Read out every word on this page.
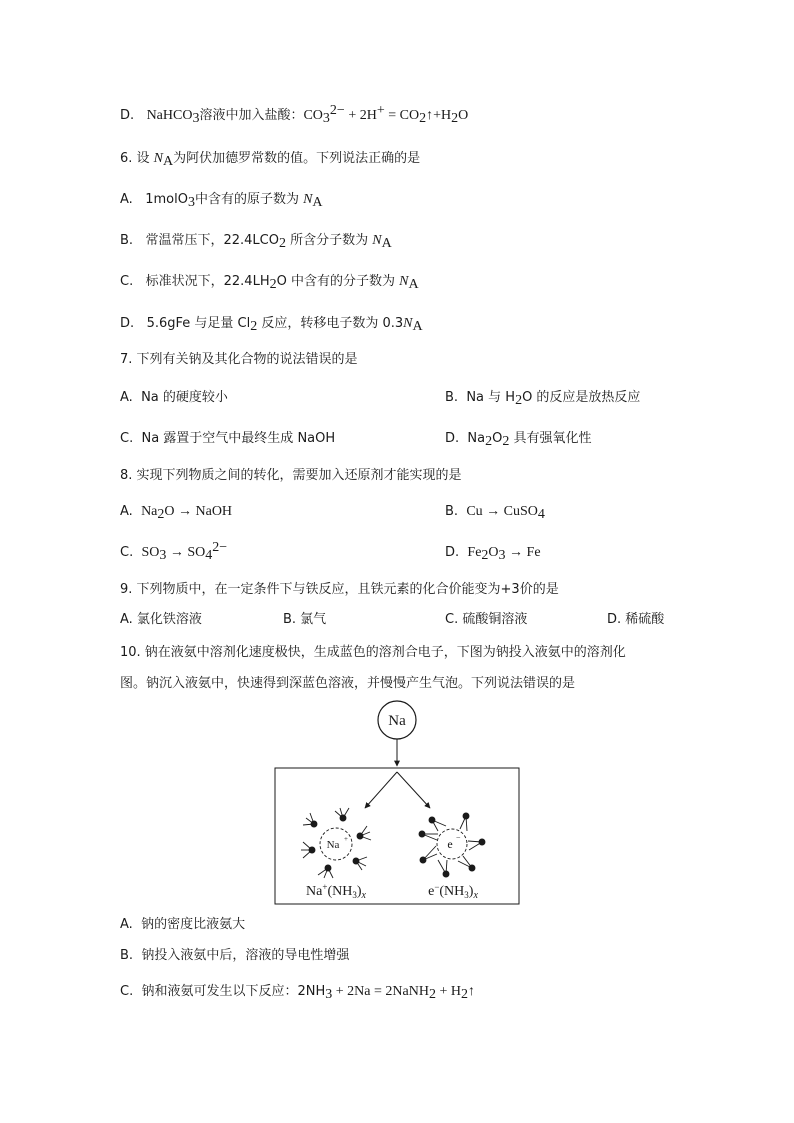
D. NaHCO$_3$溶液中加入盐酸：$CO_3^{2-} + 2H^+$ = $CO_2↑+H_2O$
6. 设 $N_A$为阿伏加德罗常数的值。下列说法正确的是
A. 1molO$_3$中含有的原子数为 $N_A$
B. 常温常压下，$22.4LCO_2$ 所含分子数为 $N_A$
C. 标准状况下，$22.4LH_2O$ 中含有的分子数为 $N_A$
D. 5.6gFe 与足量 $Cl_2$ 反应，转移电子数为 $0.3N_A$
7. 下列有关钠及其化合物的说法错误的是
A. Na 的硬度较小	B. Na 与 $H_2O$ 的反应是放热反应
C. Na 露置于空气中最终生成 NaOH	D. $Na_2O_2$ 具有强氧化性
8. 实现下列物质之间的转化，需要加入还原剂才能实现的是
A. $Na_2O$ → NaOH	B. Cu → CuSO$_4$
C. $SO_3 \to SO_4^{2-}$	D. $Fe_2O_3 \to Fe$
9. 下列物质中，在一定条件下与铁反应，且铁元素的化合价能变为+3价的是
A. 氯化铁溶液	B. 氯气	C. 硫酸铜溶液	D. 稀硫酸
10. 钠在液氨中溶剂化速度极快，生成蓝色的溶剂合电子，下图为钠投入液氨中的溶剂化
图。钠沉入液氨中，快速得到深蓝色溶液，并慢慢产生气泡。下列说法错误的是
Na
Na +	e −
$Na^+(NH_3)_x$	$e^-(NH_3)_x$
A. 钠的密度比液氨大
B. 钠投入液氨中后，溶液的导电性增强
C. 钠和液氨可发生以下反应：$2NH_3 + 2Na$ = 2NaNH$_2$ + $H_2↑$
